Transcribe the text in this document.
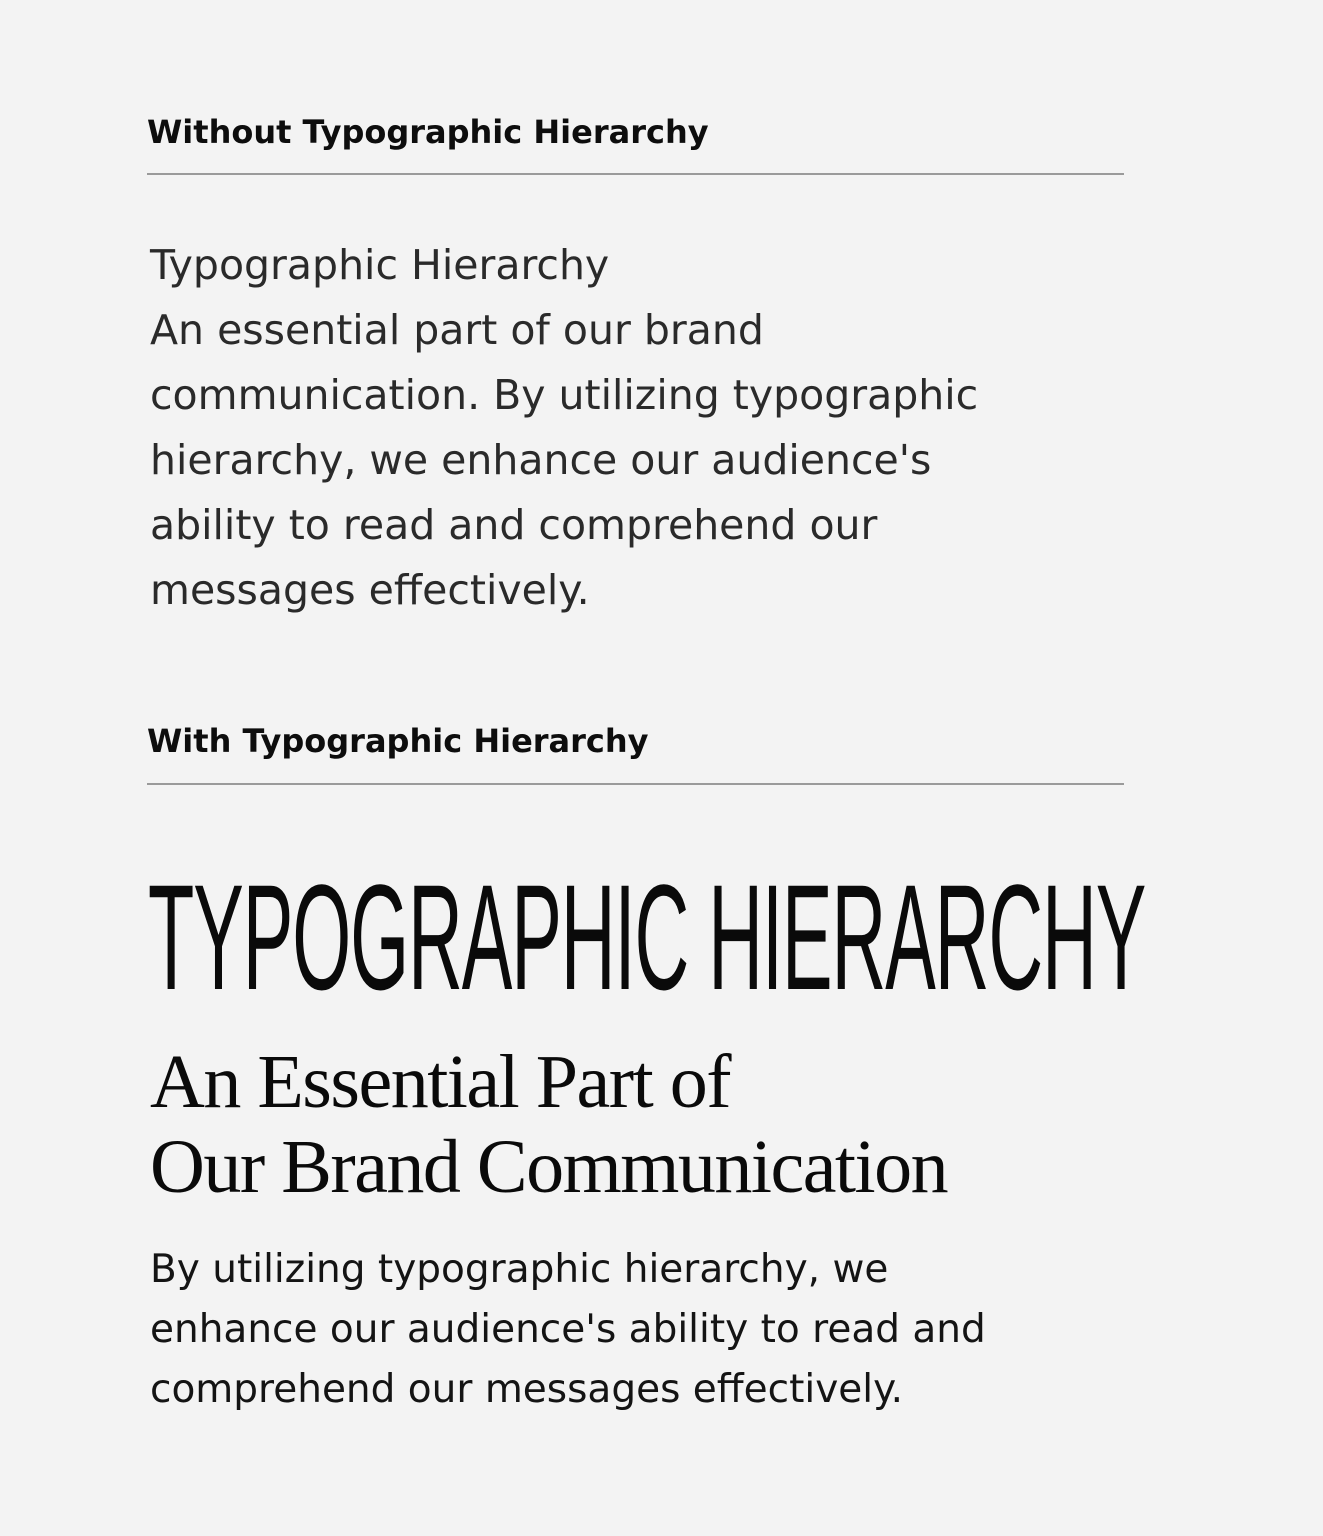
Without Typographic Hierarchy
Typographic Hierarchy
An essential part of our brand
communication. By utilizing typographic
hierarchy, we enhance our audience's
ability to read and comprehend our
messages effectively.
With Typographic Hierarchy
TYPOGRAPHIC HIERARCHY
An Essential Part of
Our Brand Communication
By utilizing typographic hierarchy, we
enhance our audience's ability to read and
comprehend our messages effectively.
